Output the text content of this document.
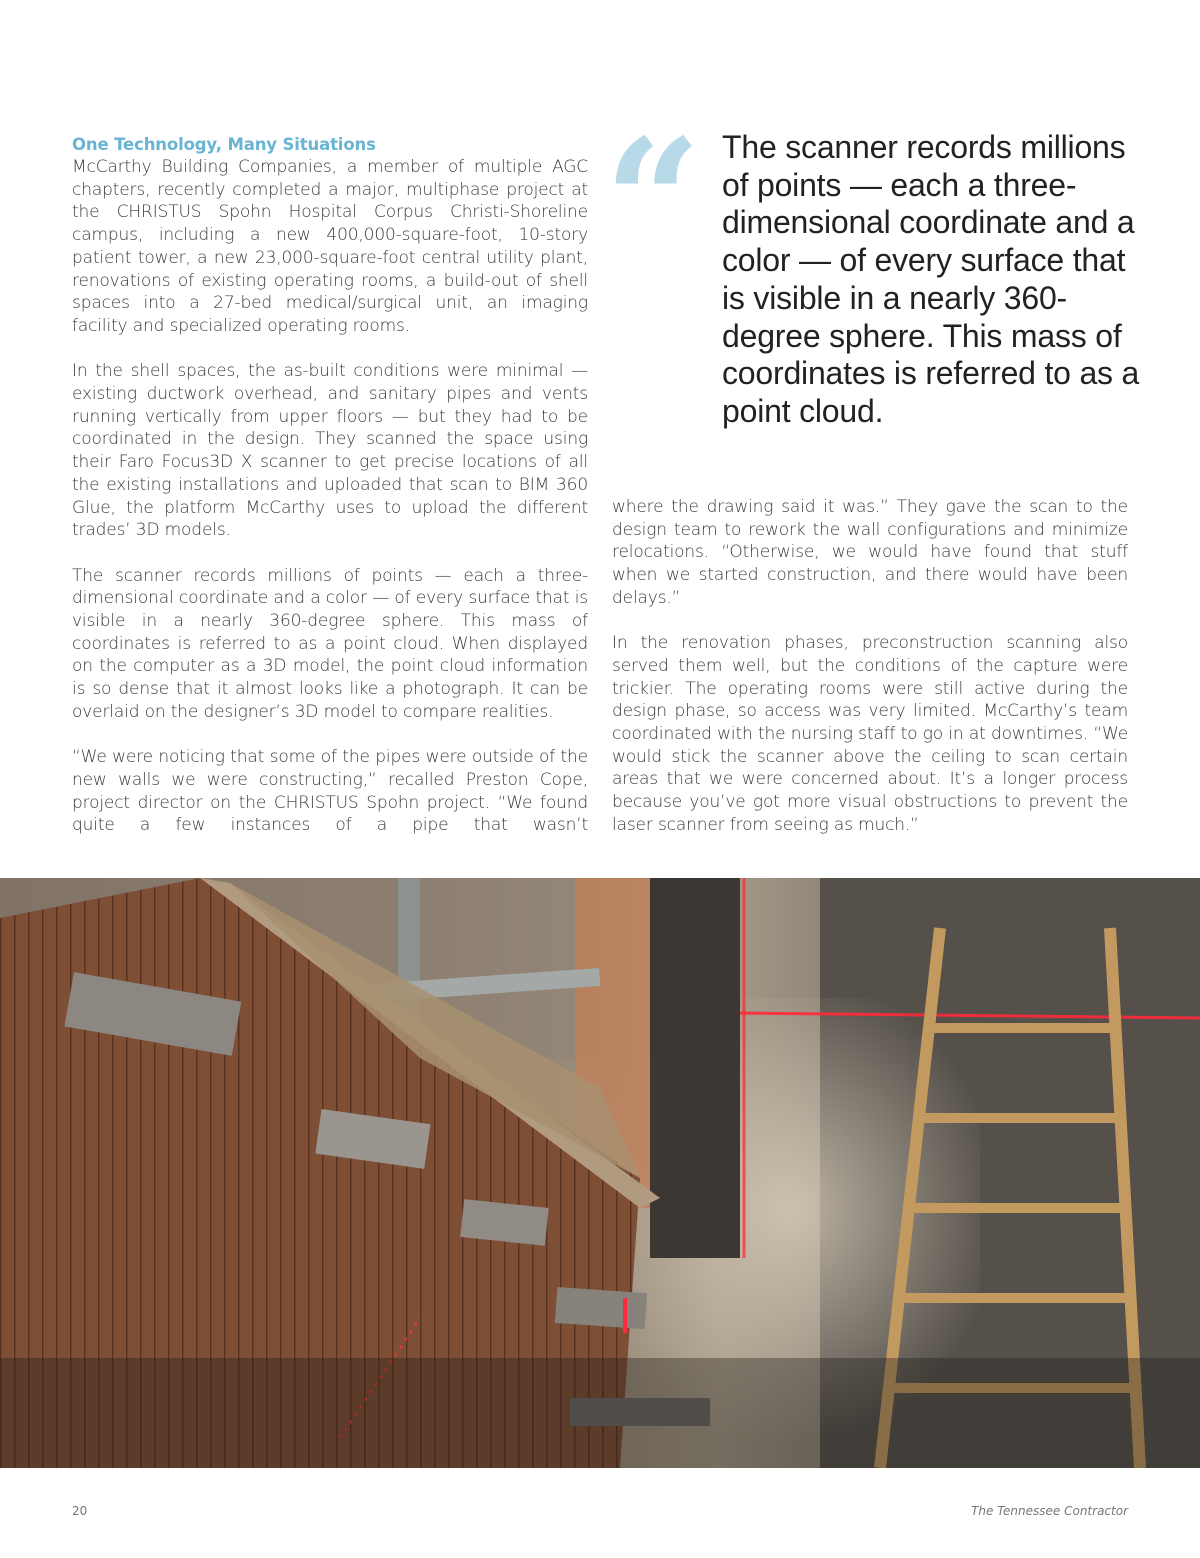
One Technology, Many Situations

McCarthy Building Companies, a member of multiple AGC chapters, recently completed a major, multiphase project at the CHRISTUS Spohn Hospital Corpus Christi-Shoreline campus, including a new 400,000-square-foot, 10-story patient tower, a new 23,000-square-foot central utility plant, renovations of existing operating rooms, a build-out of shell spaces into a 27-bed medical/surgical unit, an imaging facility and specialized operating rooms.

In the shell spaces, the as-built conditions were minimal — existing ductwork overhead, and sanitary pipes and vents running vertically from upper floors — but they had to be coordinated in the design. They scanned the space using their Faro Focus3D X scanner to get precise locations of all the existing installations and uploaded that scan to BIM 360 Glue, the platform McCarthy uses to upload the different trades’ 3D models.

The scanner records millions of points — each a three-dimensional coordinate and a color — of every surface that is visible in a nearly 360-degree sphere. This mass of coordinates is referred to as a point cloud. When displayed on the computer as a 3D model, the point cloud information is so dense that it almost looks like a photograph. It can be overlaid on the designer’s 3D model to compare realities.

“We were noticing that some of the pipes were outside of the new walls we were constructing,” recalled Preston Cope, project director on the CHRISTUS Spohn project. “We found quite a few instances of a pipe that wasn’t

“ The scanner records millions of points — each a three-dimensional coordinate and a color — of every surface that is visible in a nearly 360-degree sphere. This mass of coordinates is referred to as a point cloud.

where the drawing said it was.” They gave the scan to the design team to rework the wall configurations and minimize relocations. “Otherwise, we would have found that stuff when we started construction, and there would have been delays.”

In the renovation phases, preconstruction scanning also served them well, but the conditions of the capture were trickier. The operating rooms were still active during the design phase, so access was very limited. McCarthy’s team coordinated with the nursing staff to go in at downtimes. “We would stick the scanner above the ceiling to scan certain areas that we were concerned about. It’s a longer process because you’ve got more visual obstructions to prevent the laser scanner from seeing as much.”

20	The Tennessee Contractor
